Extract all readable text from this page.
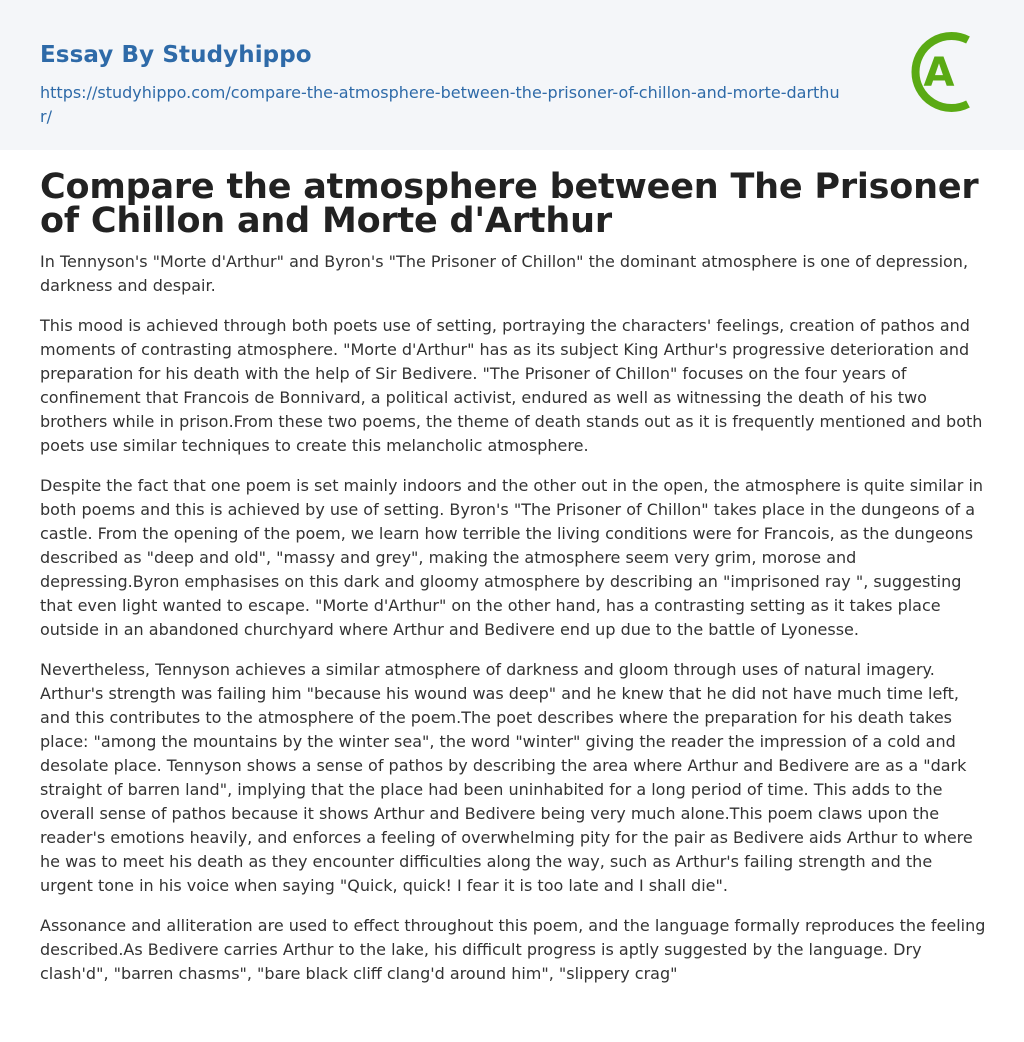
Essay By Studyhippo
https://studyhippo.com/compare-the-atmosphere-between-the-prisoner-of-chillon-and-morte-darthur/
A
Compare the atmosphere between The Prisoner of Chillon and Morte d'Arthur

In Tennyson's "Morte d'Arthur" and Byron's "The Prisoner of Chillon" the dominant atmosphere is one of depression, darkness and despair.

This mood is achieved through both poets use of setting, portraying the characters' feelings, creation of pathos and moments of contrasting atmosphere. "Morte d'Arthur" has as its subject King Arthur's progressive deterioration and preparation for his death with the help of Sir Bedivere. "The Prisoner of Chillon" focuses on the four years of confinement that Francois de Bonnivard, a political activist, endured as well as witnessing the death of his two brothers while in prison.From these two poems, the theme of death stands out as it is frequently mentioned and both poets use similar techniques to create this melancholic atmosphere.

Despite the fact that one poem is set mainly indoors and the other out in the open, the atmosphere is quite similar in both poems and this is achieved by use of setting. Byron's "The Prisoner of Chillon" takes place in the dungeons of a castle. From the opening of the poem, we learn how terrible the living conditions were for Francois, as the dungeons described as "deep and old", "massy and grey", making the atmosphere seem very grim, morose and depressing.Byron emphasises on this dark and gloomy atmosphere by describing an "imprisoned ray ", suggesting that even light wanted to escape. "Morte d'Arthur" on the other hand, has a contrasting setting as it takes place outside in an abandoned churchyard where Arthur and Bedivere end up due to the battle of Lyonesse.

Nevertheless, Tennyson achieves a similar atmosphere of darkness and gloom through uses of natural imagery. Arthur's strength was failing him "because his wound was deep" and he knew that he did not have much time left, and this contributes to the atmosphere of the poem.The poet describes where the preparation for his death takes place: "among the mountains by the winter sea", the word "winter" giving the reader the impression of a cold and desolate place. Tennyson shows a sense of pathos by describing the area where Arthur and Bedivere are as a "dark straight of barren land", implying that the place had been uninhabited for a long period of time. This adds to the overall sense of pathos because it shows Arthur and Bedivere being very much alone.This poem claws upon the reader's emotions heavily, and enforces a feeling of overwhelming pity for the pair as Bedivere aids Arthur to where he was to meet his death as they encounter difficulties along the way, such as Arthur's failing strength and the urgent tone in his voice when saying "Quick, quick! I fear it is too late and I shall die".

Assonance and alliteration are used to effect throughout this poem, and the language formally reproduces the feeling described.As Bedivere carries Arthur to the lake, his difficult progress is aptly suggested by the language. Dry clash'd", "barren chasms", "bare black cliff clang'd around him", "slippery crag"
